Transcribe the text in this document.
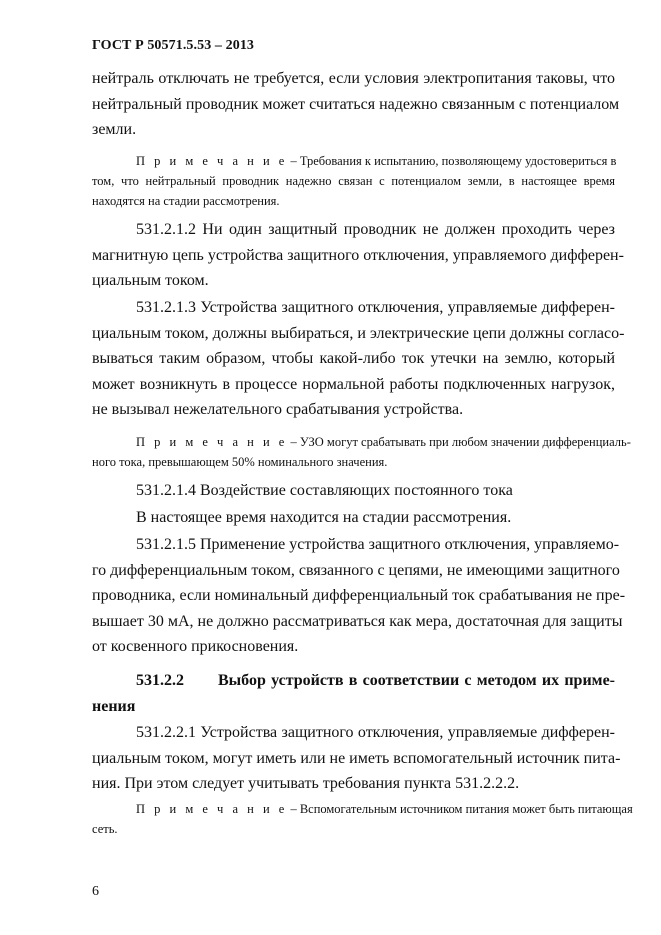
ГОСТ Р 50571.5.53 – 2013

нейтраль отключать не требуется, если условия электропитания таковы, что
нейтральный проводник может считаться надежно связанным с потенциалом
земли.

П р и м е ч а н и е – Требования к испытанию, позволяющему удостовериться в
том, что нейтральный проводник надежно связан с потенциалом земли, в настоящее время
находятся на стадии рассмотрения.

531.2.1.2 Ни один защитный проводник не должен проходить через
магнитную цепь устройства защитного отключения, управляемого дифферен-
циальным током.

531.2.1.3 Устройства защитного отключения, управляемые дифферен-
циальным током, должны выбираться, и электрические цепи должны согласо-
вываться таким образом, чтобы какой-либо ток утечки на землю, который
может возникнуть в процессе нормальной работы подключенных нагрузок,
не вызывал нежелательного срабатывания устройства.

П р и м е ч а н и е – УЗО могут срабатывать при любом значении дифференциаль-
ного тока, превышающем 50% номинального значения.

531.2.1.4 Воздействие составляющих постоянного тока

В настоящее время находится на стадии рассмотрения.

531.2.1.5 Применение устройства защитного отключения, управляемо-
го дифференциальным током, связанного с цепями, не имеющими защитного
проводника, если номинальный дифференциальный ток срабатывания не пре-
вышает 30 мА, не должно рассматриваться как мера, достаточная для защиты
от косвенного прикосновения.

531.2.2 Выбор устройств в соответствии с методом их приме-
нения

531.2.2.1 Устройства защитного отключения, управляемые дифферен-
циальным током, могут иметь или не иметь вспомогательный источник пита-
ния. При этом следует учитывать требования пункта 531.2.2.2.

П р и м е ч а н и е – Вспомогательным источником питания может быть питающая
сеть.

6
